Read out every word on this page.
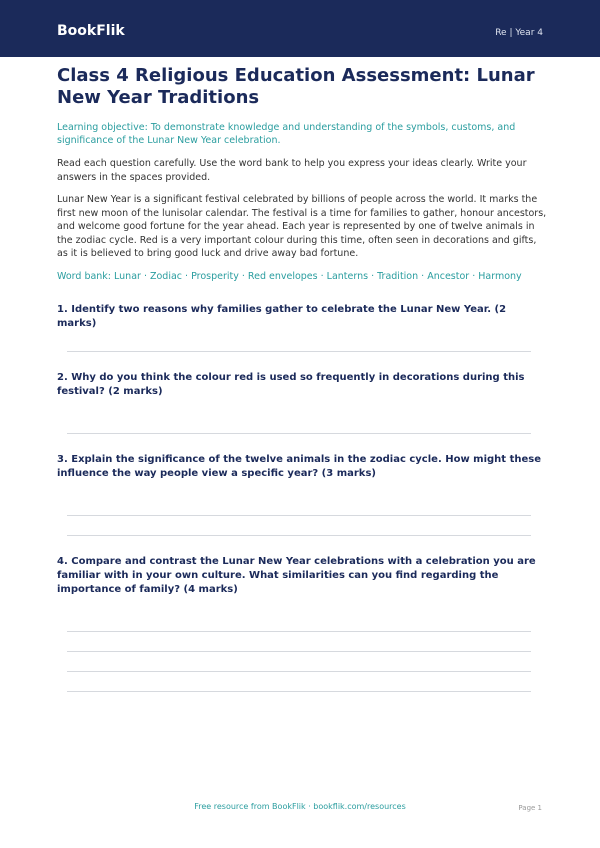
BookFlik	Re | Year 4
Class 4 Religious Education Assessment: Lunar New Year Traditions

Learning objective: To demonstrate knowledge and understanding of the symbols, customs, and significance of the Lunar New Year celebration.

Read each question carefully. Use the word bank to help you express your ideas clearly. Write your answers in the spaces provided.

Lunar New Year is a significant festival celebrated by billions of people across the world. It marks the first new moon of the lunisolar calendar. The festival is a time for families to gather, honour ancestors, and welcome good fortune for the year ahead. Each year is represented by one of twelve animals in the zodiac cycle. Red is a very important colour during this time, often seen in decorations and gifts, as it is believed to bring good luck and drive away bad fortune.

Word bank: Lunar · Zodiac · Prosperity · Red envelopes · Lanterns · Tradition · Ancestor · Harmony

1. Identify two reasons why families gather to celebrate the Lunar New Year. (2 marks)

2. Why do you think the colour red is used so frequently in decorations during this festival? (2 marks)

3. Explain the significance of the twelve animals in the zodiac cycle. How might these influence the way people view a specific year? (3 marks)

4. Compare and contrast the Lunar New Year celebrations with a celebration you are familiar with in your own culture. What similarities can you find regarding the importance of family? (4 marks)

Free resource from BookFlik · bookflik.com/resources	Page 1
